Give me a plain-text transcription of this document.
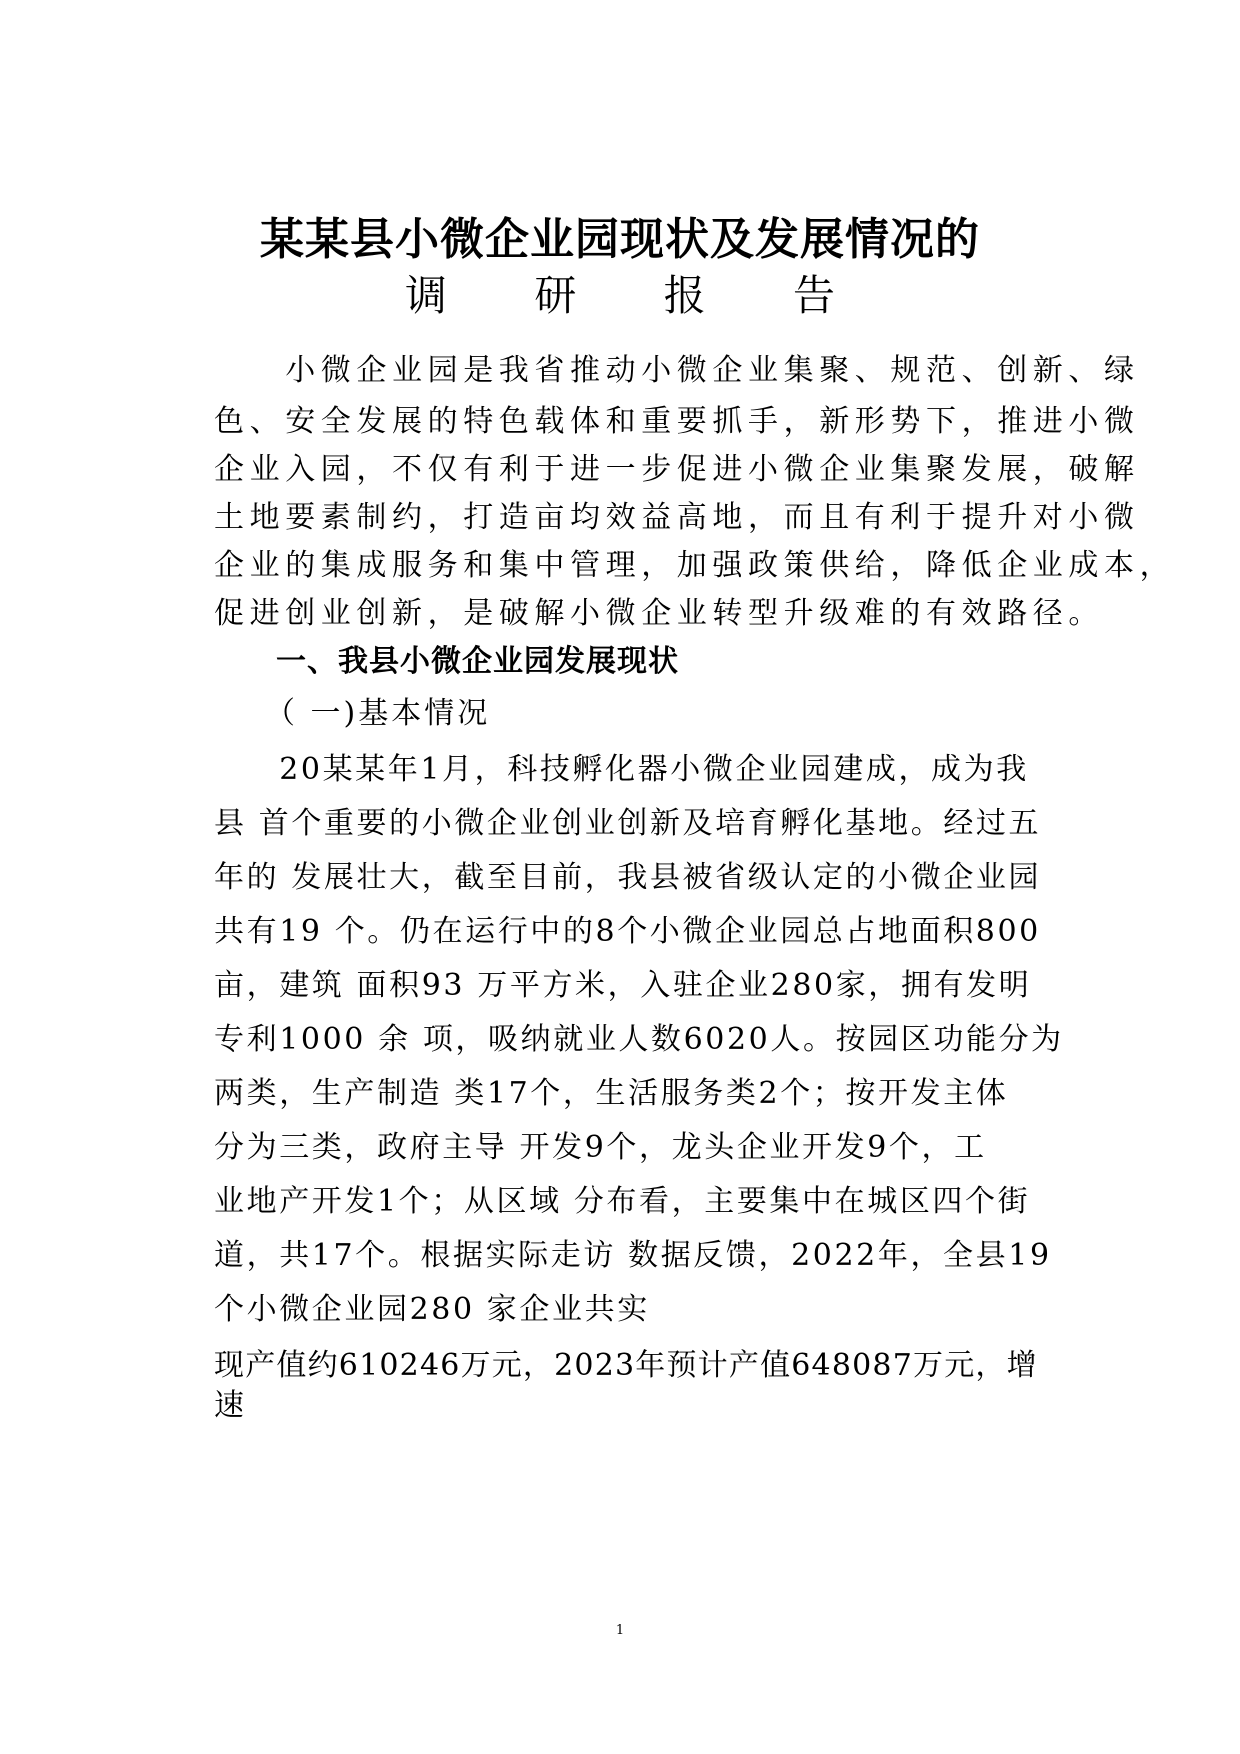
某某县小微企业园现状及发展情况的
调 研 报 告
　　小微企业园是我省推动小微企业集聚、规范、创新、绿
色、安全发展的特色载体和重要抓手，新形势下，推进小微
企业入园，不仅有利于进一步促进小微企业集聚发展，破解
土地要素制约，打造亩均效益高地，而且有利于提升对小微
企业的集成服务和集中管理，加强政策供给，降低企业成本，
促进创业创新，是破解小微企业转型升级难的有效路径。
　　一、我县小微企业园发展现状
　　（ 一)基本情况
　　20某某年1月，科技孵化器小微企业园建成，成为我
县 首个重要的小微企业创业创新及培育孵化基地。经过五
年的 发展壮大，截至目前，我县被省级认定的小微企业园
共有19 个。仍在运行中的8个小微企业园总占地面积800
亩，建筑 面积93 万平方米，入驻企业280家，拥有发明
专利1000 余 项，吸纳就业人数6020人。按园区功能分为
两类，生产制造 类17个，生活服务类2个；按开发主体
分为三类，政府主导 开发9个，龙头企业开发9个，工
业地产开发1个；从区域 分布看，主要集中在城区四个街
道，共17个。根据实际走访 数据反馈，2022年，全县19
个小微企业园280 家企业共实
现产值约610246万元，2023年预计产值648087万元，增
速
1
